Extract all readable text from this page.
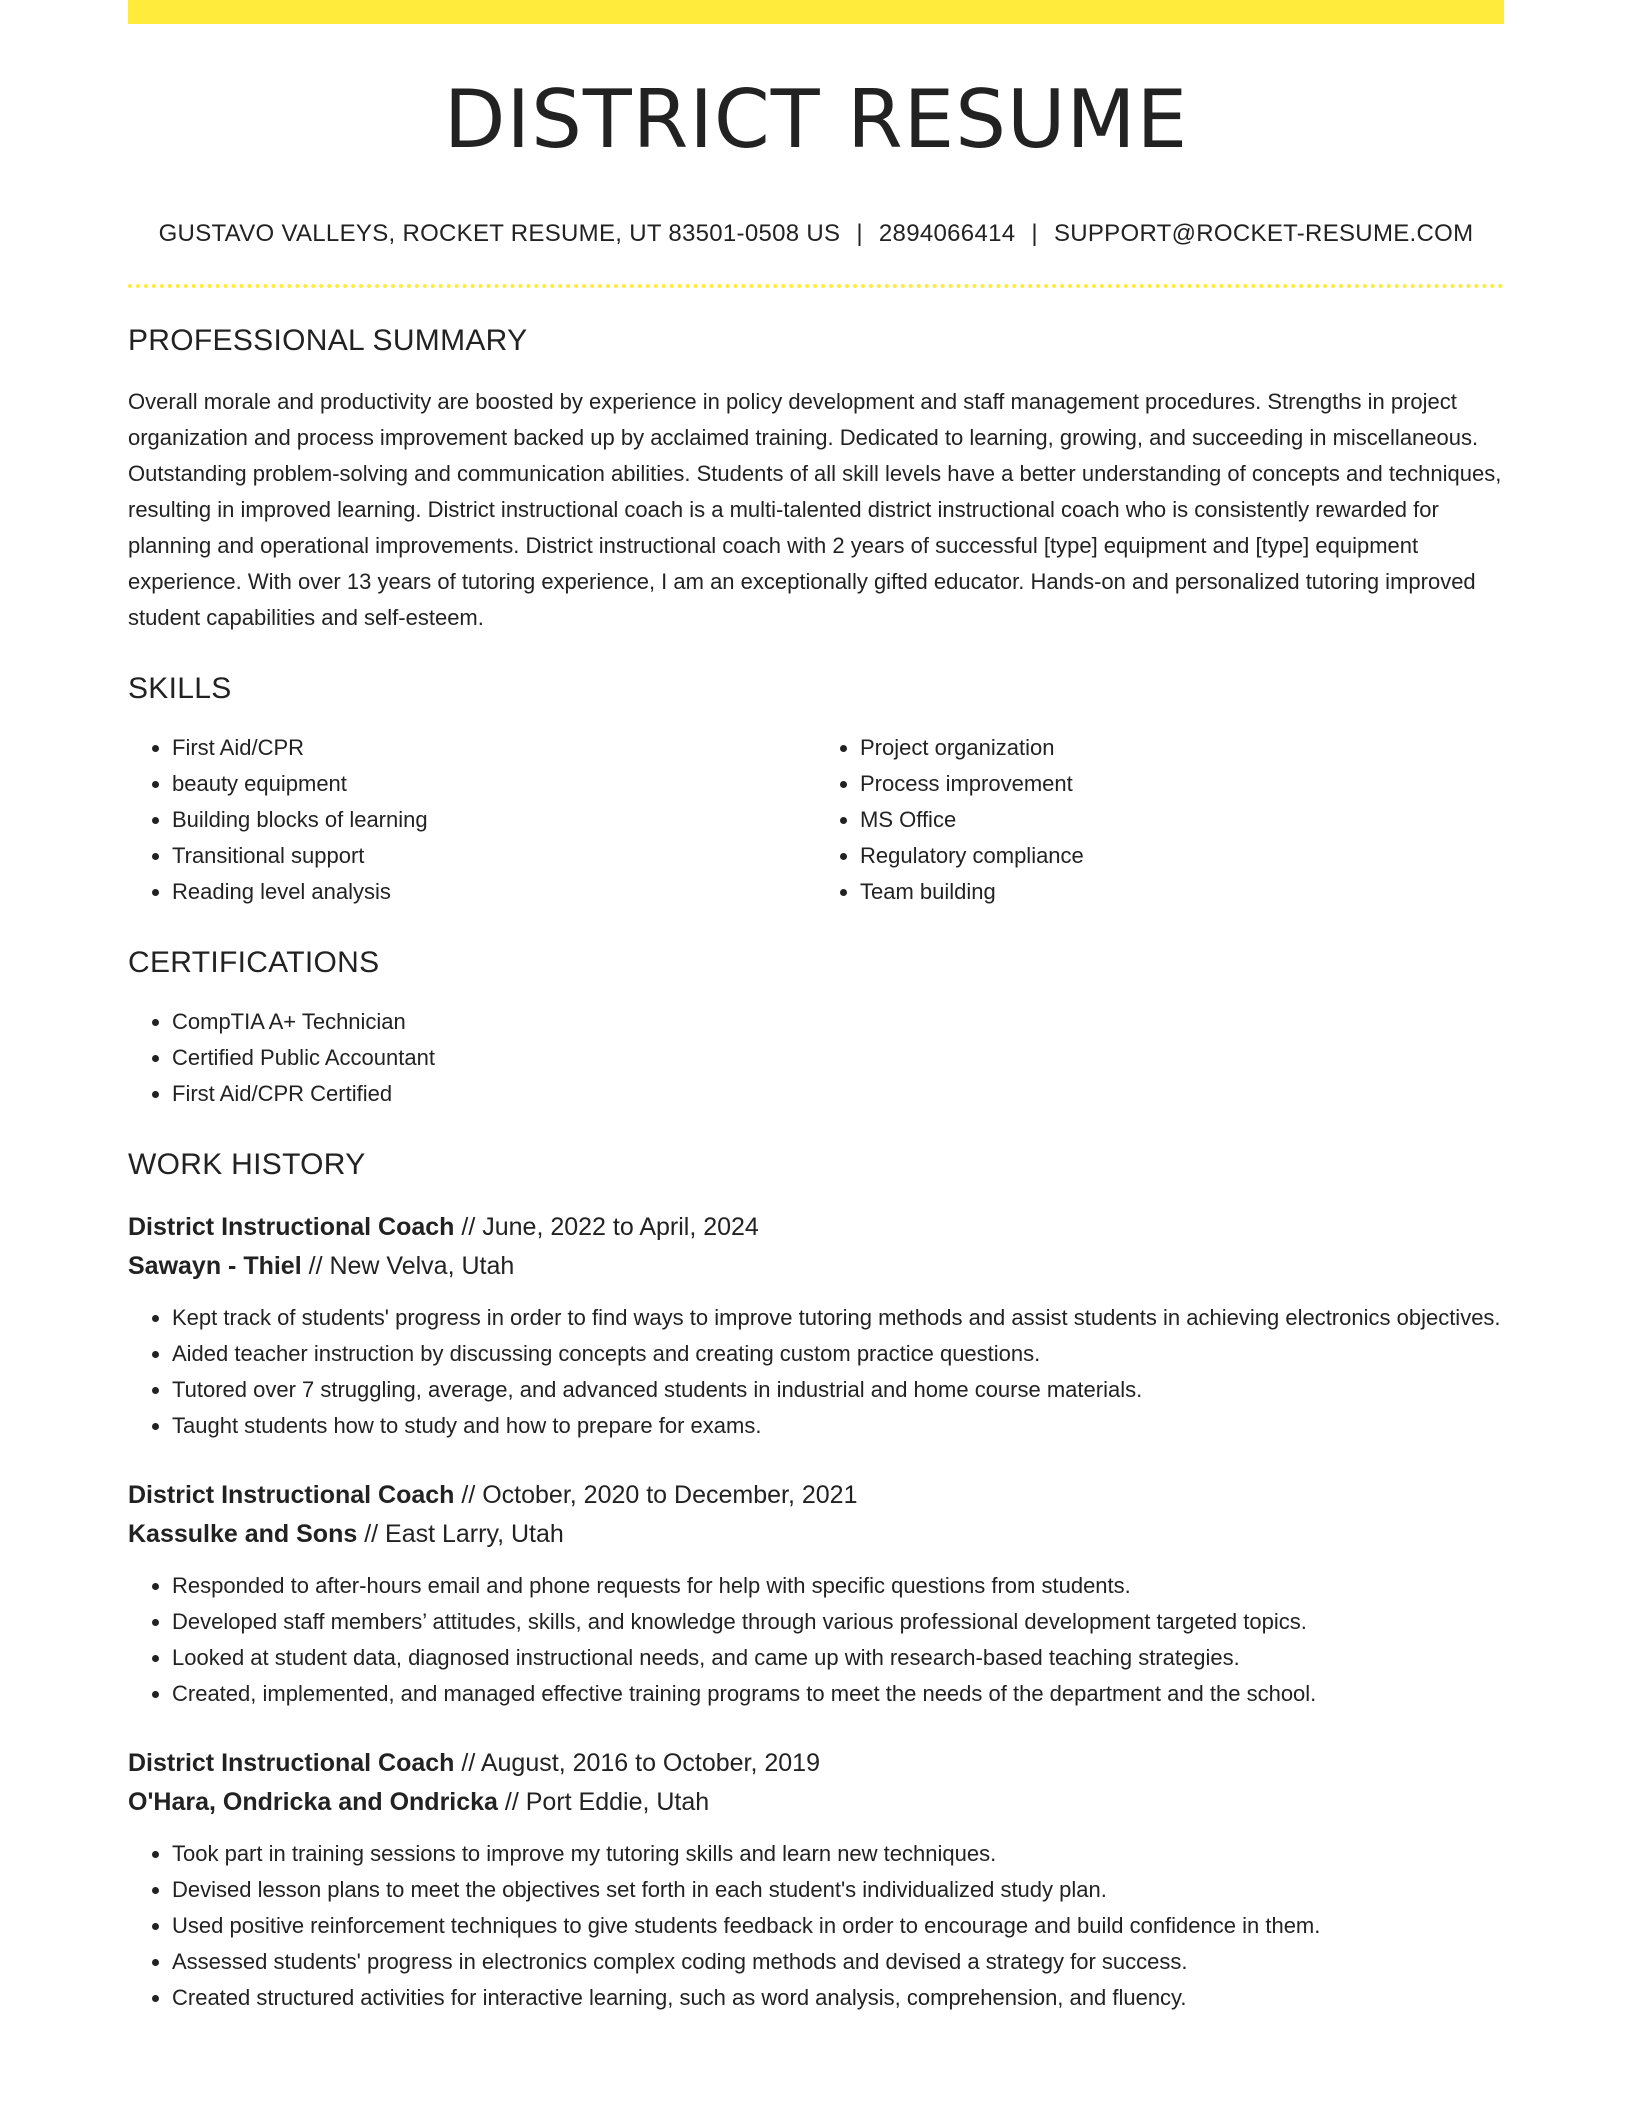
DISTRICT RESUME
GUSTAVO VALLEYS, ROCKET RESUME, UT 83501-0508 US | 2894066414 | SUPPORT@ROCKET-RESUME.COM
PROFESSIONAL SUMMARY

Overall morale and productivity are boosted by experience in policy development and staff management procedures. Strengths in project organization and process improvement backed up by acclaimed training. Dedicated to learning, growing, and succeeding in miscellaneous. Outstanding problem-solving and communication abilities. Students of all skill levels have a better understanding of concepts and techniques, resulting in improved learning. District instructional coach is a multi-talented district instructional coach who is consistently rewarded for planning and operational improvements. District instructional coach with 2 years of successful [type] equipment and [type] equipment experience. With over 13 years of tutoring experience, I am an exceptionally gifted educator. Hands-on and personalized tutoring improved student capabilities and self-esteem.

SKILLS
• First Aid/CPR
• beauty equipment
• Building blocks of learning
• Transitional support
• Reading level analysis
• Project organization
• Process improvement
• MS Office
• Regulatory compliance
• Team building
CERTIFICATIONS
• CompTIA A+ Technician
• Certified Public Accountant
• First Aid/CPR Certified
WORK HISTORY
District Instructional Coach // June, 2022 to April, 2024
Sawayn - Thiel // New Velva, Utah
• Kept track of students' progress in order to find ways to improve tutoring methods and assist students in achieving electronics objectives.
• Aided teacher instruction by discussing concepts and creating custom practice questions.
• Tutored over 7 struggling, average, and advanced students in industrial and home course materials.
• Taught students how to study and how to prepare for exams.
District Instructional Coach // October, 2020 to December, 2021
Kassulke and Sons // East Larry, Utah
• Responded to after-hours email and phone requests for help with specific questions from students.
• Developed staff members’ attitudes, skills, and knowledge through various professional development targeted topics.
• Looked at student data, diagnosed instructional needs, and came up with research-based teaching strategies.
• Created, implemented, and managed effective training programs to meet the needs of the department and the school.
District Instructional Coach // August, 2016 to October, 2019
O'Hara, Ondricka and Ondricka // Port Eddie, Utah
• Took part in training sessions to improve my tutoring skills and learn new techniques.
• Devised lesson plans to meet the objectives set forth in each student's individualized study plan.
• Used positive reinforcement techniques to give students feedback in order to encourage and build confidence in them.
• Assessed students' progress in electronics complex coding methods and devised a strategy for success.
• Created structured activities for interactive learning, such as word analysis, comprehension, and fluency.
